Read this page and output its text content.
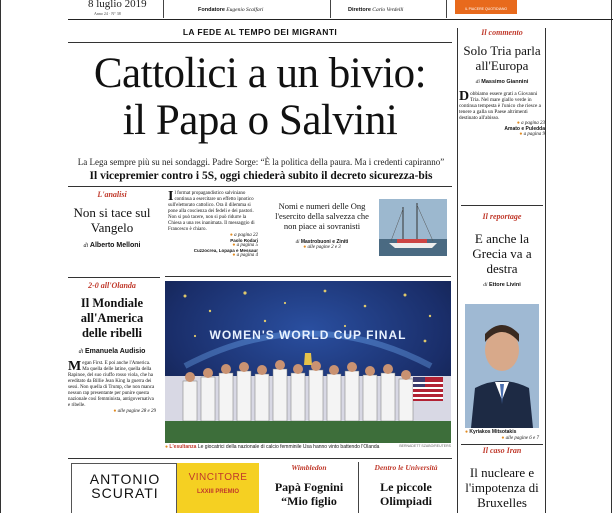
8 luglio 2019
Anno 24 · N° 38
Fondatore Eugenio Scalfari	Direttore Carlo Verdelli	IL PIACERE QUOTIDIANO
LA FEDE AL TEMPO DEI MIGRANTI
Cattolici a un bivio:
il Papa o Salvini
La Lega sempre più su nei sondaggi. Padre Sorge: “È la politica della paura. Ma i credenti capiranno”
Il vicepremier contro i 5S, oggi chiederà subito il decreto sicurezza-bis
L'analisi
Non si tace sul Vangelo
di Alberto Melloni
Il format propagandistico salviniano continua a esercitare un effetto ipnotico sull'elettorato cattolico. Ora il dilemma si pone alla coscienza dei fedeli e dei pastori. Non si può tacere, non si può ridurre la Chiesa a una res inanimata. Il messaggio di Francesco è chiaro.
● a pagina 22
Paolo Rodari
● a pagina 5
Cuzzocrea, Lopapa e Messaur
● a pagina 4
Nomi e numeri delle Ong l'esercito della salvezza che non piace ai sovranisti
di Mastrobuoni e Ziniti
● alle pagine 2 e 3
2-0 all'Olanda
Il Mondiale all'America delle ribelli
di Emanuela Audisio
Megan First. E poi anche l'America. Ma quella delle latine, quella della Rapinoe, del suo ciuffo rosso viola, che ha ereditato da Billie Jean King la guerra dei sessi. Non quella di Trump, che non manca nessun rap presentante per punire questa nazionale così femminista, antigovernativa e ribelle.
● alle pagine 28 e 29
WOMEN'S WORLD CUP FINAL
● L'esultanza Le giocatrici della nazionale di calcio femminile Usa hanno vinto battendo l'Olanda	BERNADETT SZABO/REUTERS
Il commento
Solo Tria parla all'Europa
di Massimo Giannini
Dobbiamo essere grati a Giovanni Tria. Nel mare giallo verde in continua tempesta è l'unico che riesce a tenere a galla un Paese altrimenti destinato all'abisso.
● a pagina 23
Amato e Puledda
● a pagina 9
Il reportage
E anche la Grecia va a destra
di Ettore Livini
● Kyriakos Mitsotakis
● alle pagine 6 e 7
Il caso Iran
Il nucleare e l'impotenza di Bruxelles
ANTONIO SCURATI
VINCITORE
LXXIII PREMIO
Wimbledon
Papà Fognini “Mio figlio
Dentro le Università
Le piccole Olimpiadi
